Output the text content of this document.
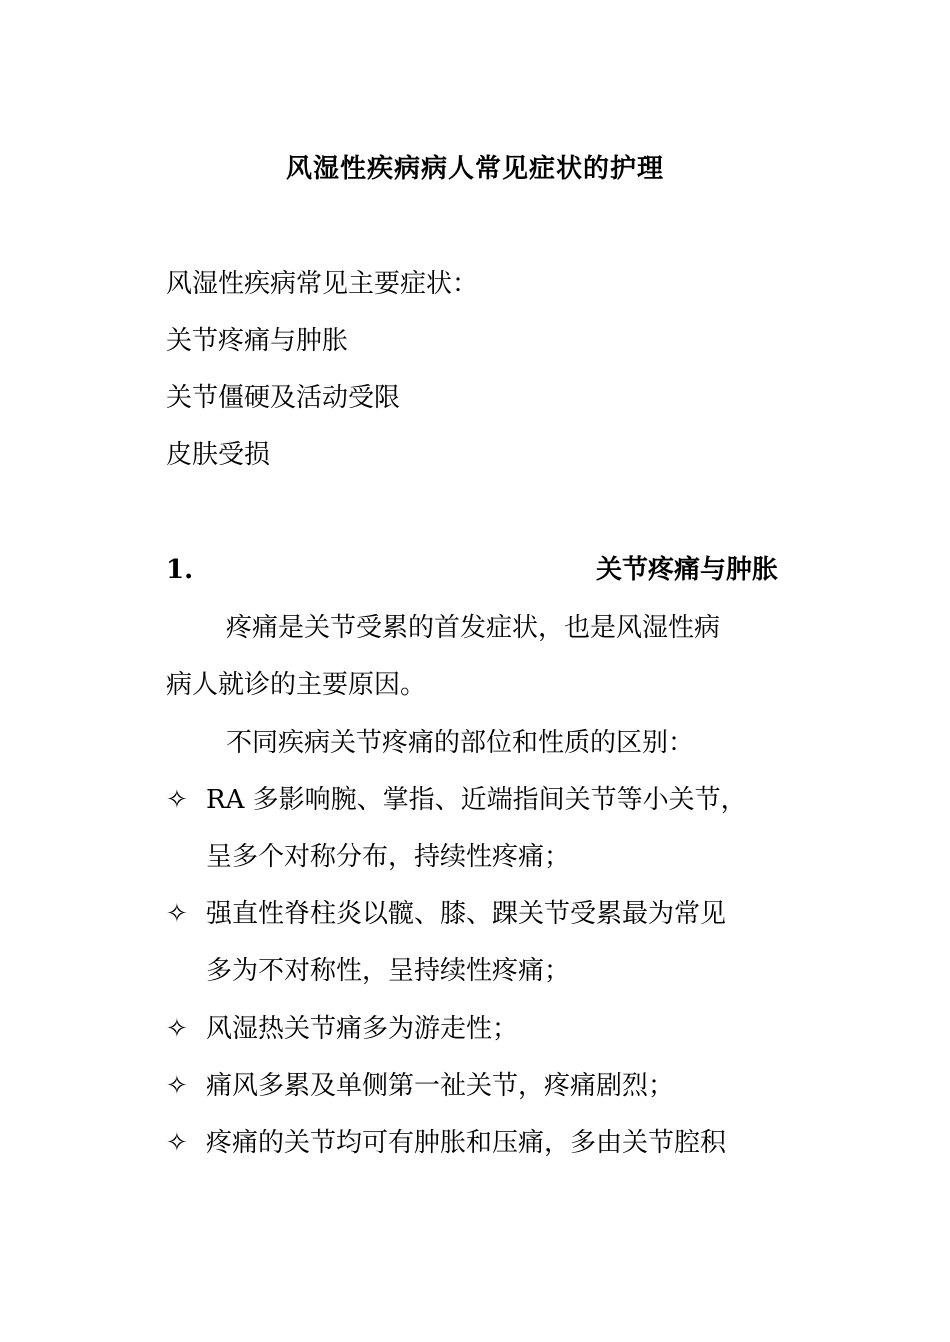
风湿性疾病病人常见症状的护理
风湿性疾病常见主要症状：
关节疼痛与肿胀
关节僵硬及活动受限
皮肤受损
1.	关节疼痛与肿胀
疼痛是关节受累的首发症状，也是风湿性病
病人就诊的主要原因。
不同疾病关节疼痛的部位和性质的区别：
✧ RA 多影响腕、掌指、近端指间关节等小关节，
呈多个对称分布，持续性疼痛；
✧ 强直性脊柱炎以髋、膝、踝关节受累最为常见
多为不对称性，呈持续性疼痛；
✧ 风湿热关节痛多为游走性；
✧ 痛风多累及单侧第一祉关节，疼痛剧烈；
✧ 疼痛的关节均可有肿胀和压痛，多由关节腔积
